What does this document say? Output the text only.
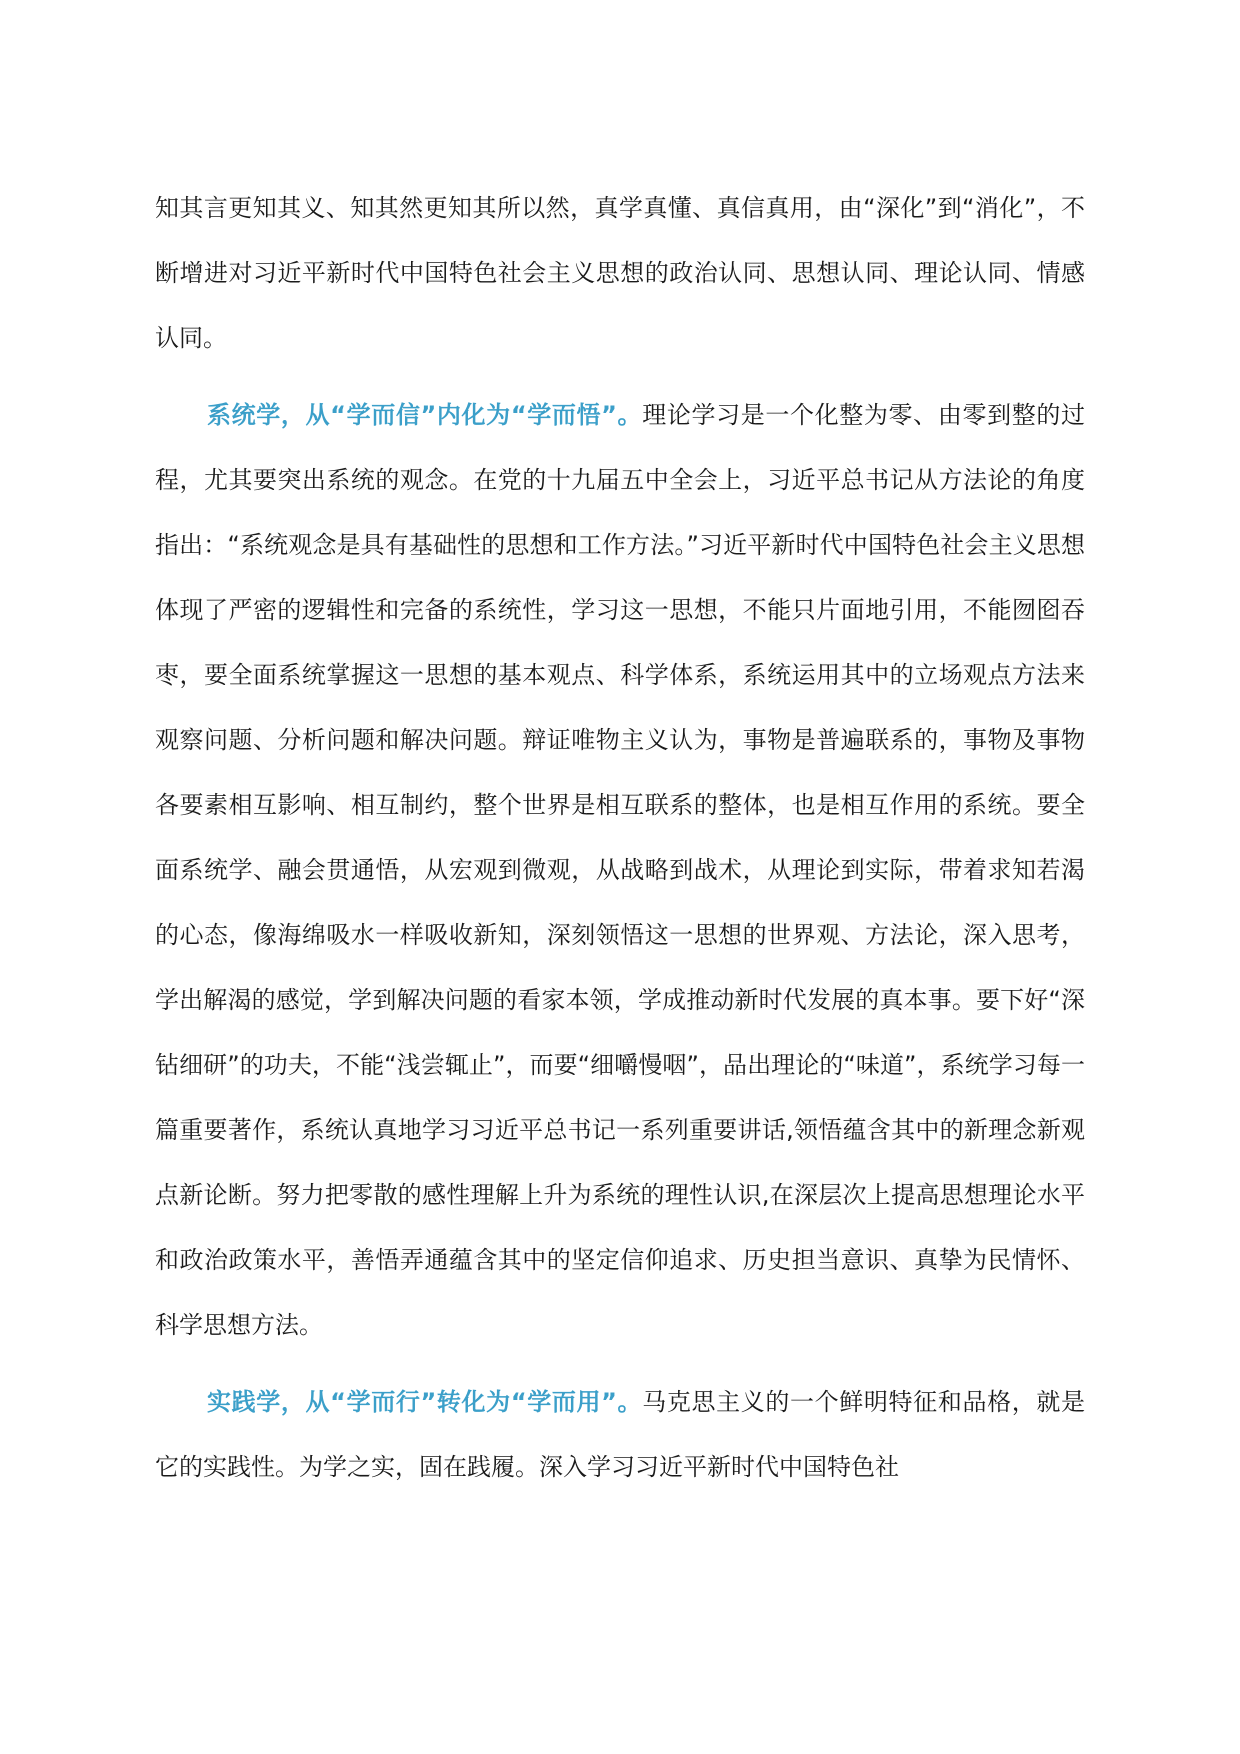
知其言更知其义、知其然更知其所以然，真学真懂、真信真用，由“深化”到“消化”，不断增进对习近平新时代中国特色社会主义思想的政治认同、思想认同、理论认同、情感认同。

系统学，从“学而信”内化为“学而悟”。理论学习是一个化整为零、由零到整的过程，尤其要突出系统的观念。在党的十九届五中全会上，习近平总书记从方法论的角度指出：“系统观念是具有基础性的思想和工作方法。”习近平新时代中国特色社会主义思想体现了严密的逻辑性和完备的系统性，学习这一思想，不能只片面地引用，不能囫囵吞枣，要全面系统掌握这一思想的基本观点、科学体系，系统运用其中的立场观点方法来观察问题、分析问题和解决问题。辩证唯物主义认为，事物是普遍联系的，事物及事物各要素相互影响、相互制约，整个世界是相互联系的整体，也是相互作用的系统。要全面系统学、融会贯通悟，从宏观到微观，从战略到战术，从理论到实际，带着求知若渴的心态，像海绵吸水一样吸收新知，深刻领悟这一思想的世界观、方法论，深入思考，学出解渴的感觉，学到解决问题的看家本领，学成推动新时代发展的真本事。要下好“深钻细研”的功夫，不能“浅尝辄止”，而要“细嚼慢咽”，品出理论的“味道”，系统学习每一篇重要著作，系统认真地学习习近平总书记一系列重要讲话,领悟蕴含其中的新理念新观点新论断。努力把零散的感性理解上升为系统的理性认识,在深层次上提高思想理论水平和政治政策水平，善悟弄通蕴含其中的坚定信仰追求、历史担当意识、真挚为民情怀、科学思想方法。

实践学，从“学而行”转化为“学而用”。马克思主义的一个鲜明特征和品格，就是它的实践性。为学之实，固在践履。深入学习习近平新时代中国特色社
